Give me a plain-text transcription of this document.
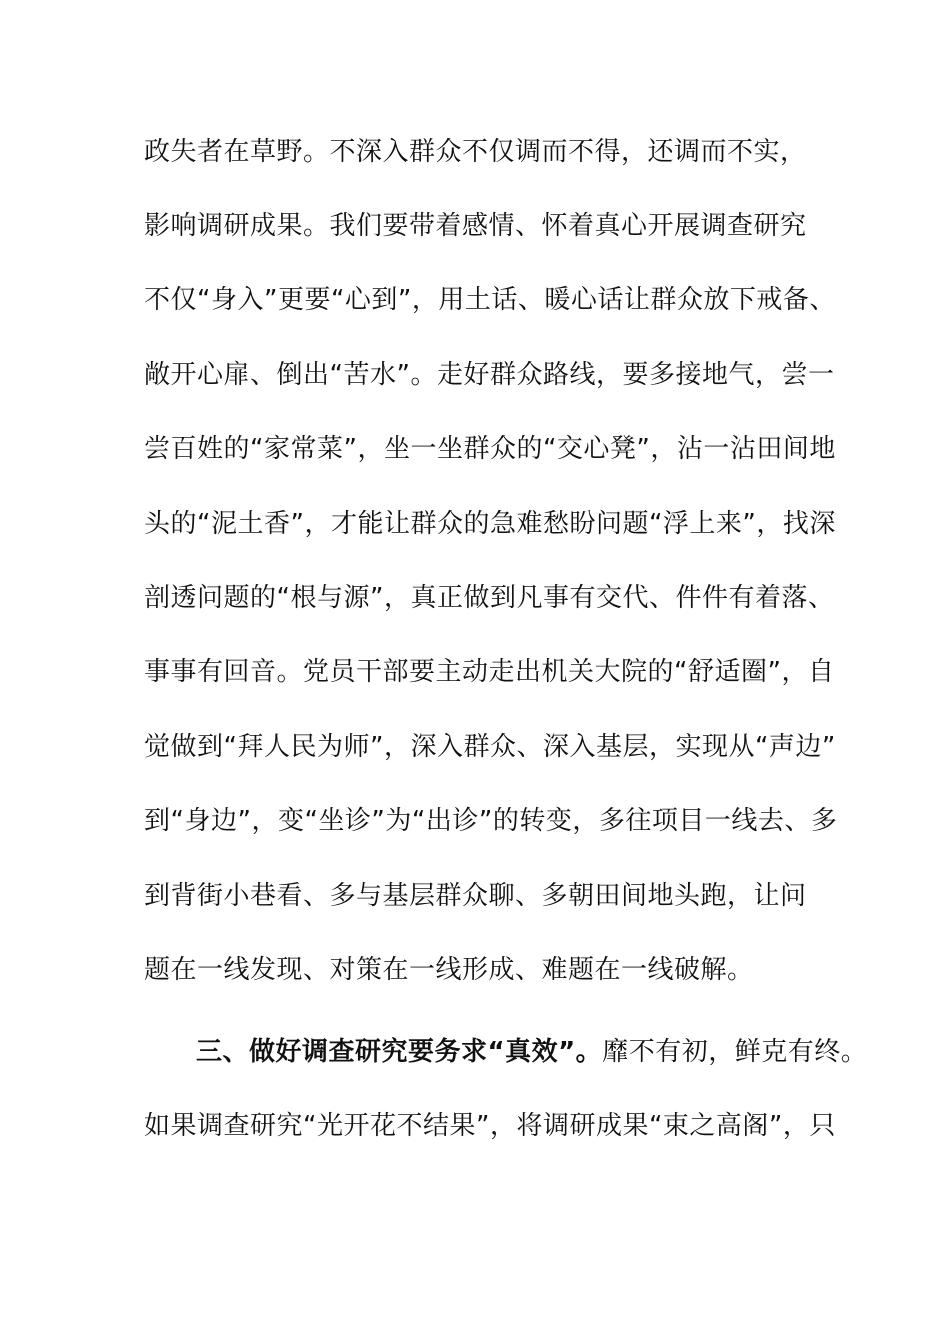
政失者在草野。不深入群众不仅调而不得，还调而不实，
影响调研成果。我们要带着感情、怀着真心开展调查研究
不仅“身入”更要“心到”，用土话、暖心话让群众放下戒备、
敞开心扉、倒出“苦水”。走好群众路线，要多接地气，尝一
尝百姓的“家常菜”，坐一坐群众的“交心凳”，沾一沾田间地
头的“泥土香”，才能让群众的急难愁盼问题“浮上来”，找深
剖透问题的“根与源”，真正做到凡事有交代、件件有着落、
事事有回音。党员干部要主动走出机关大院的“舒适圈”，自
觉做到“拜人民为师”，深入群众、深入基层，实现从“声边”
到“身边”，变“坐诊”为“出诊”的转变，多往项目一线去、多
到背街小巷看、多与基层群众聊、多朝田间地头跑，让问
题在一线发现、对策在一线形成、难题在一线破解。
三、做好调查研究要务求“真效”。靡不有初，鲜克有终。
如果调查研究“光开花不结果”，将调研成果“束之高阁”，只
